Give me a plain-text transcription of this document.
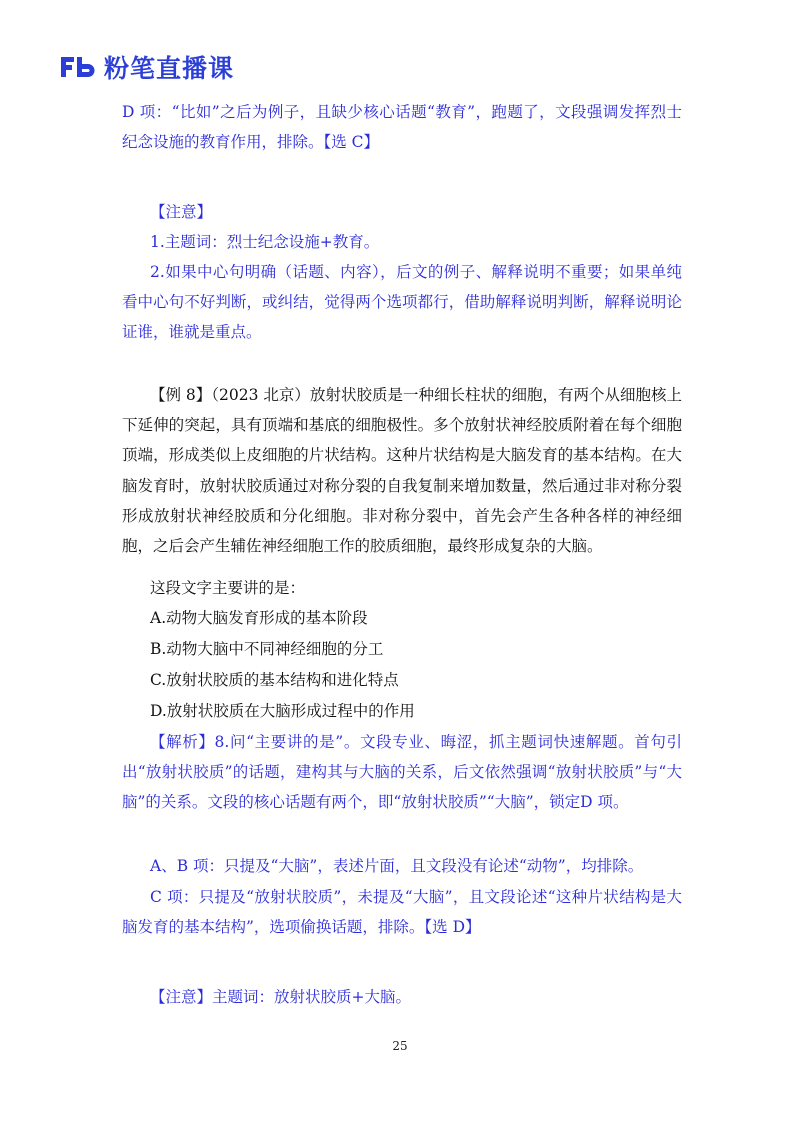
粉笔直播课
D 项：“比如”之后为例子，且缺少核心话题“教育”，跑题了，文段强调发挥烈士纪念设施的教育作用，排除。【选 C】
【注意】
1.主题词：烈士纪念设施+教育。
2.如果中心句明确（话题、内容），后文的例子、解释说明不重要；如果单纯看中心句不好判断，或纠结，觉得两个选项都行，借助解释说明判断，解释说明论证谁，谁就是重点。
【例 8】（2023 北京）放射状胶质是一种细长柱状的细胞，有两个从细胞核上下延伸的突起，具有顶端和基底的细胞极性。多个放射状神经胶质附着在每个细胞顶端，形成类似上皮细胞的片状结构。这种片状结构是大脑发育的基本结构。在大脑发育时，放射状胶质通过对称分裂的自我复制来增加数量，然后通过非对称分裂形成放射状神经胶质和分化细胞。非对称分裂中，首先会产生各种各样的神经细胞，之后会产生辅佐神经细胞工作的胶质细胞，最终形成复杂的大脑。
这段文字主要讲的是：
A.动物大脑发育形成的基本阶段
B.动物大脑中不同神经细胞的分工
C.放射状胶质的基本结构和进化特点
D.放射状胶质在大脑形成过程中的作用
【解析】8.问“主要讲的是”。文段专业、晦涩，抓主题词快速解题。首句引出“放射状胶质”的话题，建构其与大脑的关系，后文依然强调“放射状胶质”与“大脑”的关系。文段的核心话题有两个，即“放射状胶质”“大脑”，锁定D 项。
A、B 项：只提及“大脑”，表述片面，且文段没有论述“动物”，均排除。
C 项：只提及“放射状胶质”，未提及“大脑”，且文段论述“这种片状结构是大脑发育的基本结构”，选项偷换话题，排除。【选 D】
【注意】主题词：放射状胶质+大脑。
25
